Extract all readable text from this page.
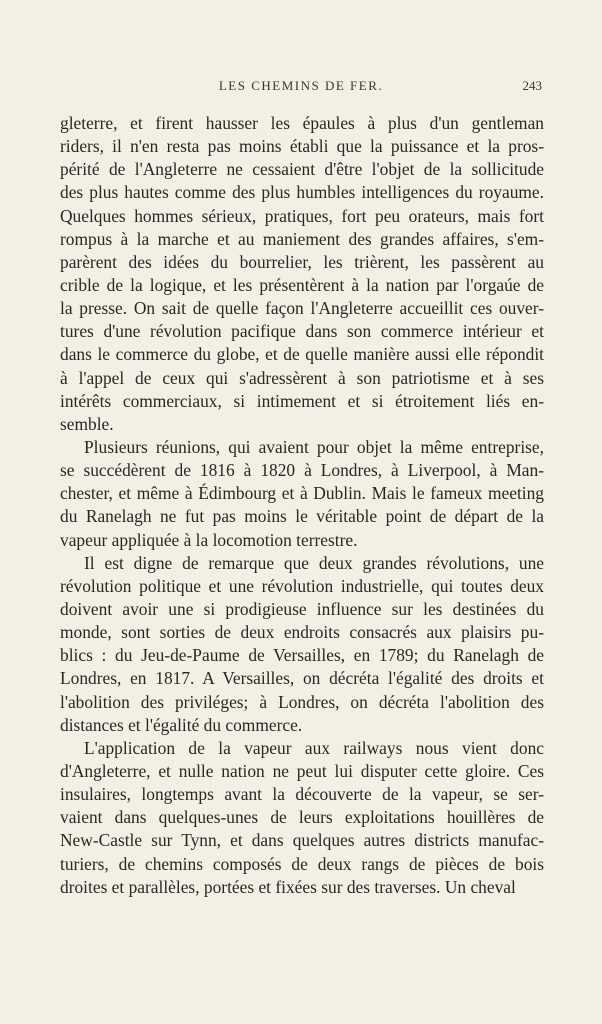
LES CHEMINS DE FER.	243
gleterre, et firent hausser les épaules à plus d'un gentleman
riders, il n'en resta pas moins établi que la puissance et la pros-
périté de l'Angleterre ne cessaient d'être l'objet de la sollicitude
des plus hautes comme des plus humbles intelligences du royaume.
Quelques hommes sérieux, pratiques, fort peu orateurs, mais fort
rompus à la marche et au maniement des grandes affaires, s'em-
parèrent des idées du bourrelier, les trièrent, les passèrent au
crible de la logique, et les présentèrent à la nation par l'orgaúe de
la presse. On sait de quelle façon l'Angleterre accueillit ces ouver-
tures d'une révolution pacifique dans son commerce intérieur et
dans le commerce du globe, et de quelle manière aussi elle répondit
à l'appel de ceux qui s'adressèrent à son patriotisme et à ses
intérêts commerciaux, si intimement et si étroitement liés en-
semble.
Plusieurs réunions, qui avaient pour objet la même entreprise,
se succédèrent de 1816 à 1820 à Londres, à Liverpool, à Man-
chester, et même à Édimbourg et à Dublin. Mais le fameux meeting
du Ranelagh ne fut pas moins le véritable point de départ de la
vapeur appliquée à la locomotion terrestre.
Il est digne de remarque que deux grandes révolutions, une
révolution politique et une révolution industrielle, qui toutes deux
doivent avoir une si prodigieuse influence sur les destinées du
monde, sont sorties de deux endroits consacrés aux plaisirs pu-
blics : du Jeu-de-Paume de Versailles, en 1789; du Ranelagh de
Londres, en 1817. A Versailles, on décréta l'égalité des droits et
l'abolition des priviléges; à Londres, on décréta l'abolition des
distances et l'égalité du commerce.
L'application de la vapeur aux railways nous vient donc
d'Angleterre, et nulle nation ne peut lui disputer cette gloire. Ces
insulaires, longtemps avant la découverte de la vapeur, se ser-
vaient dans quelques-unes de leurs exploitations houillères de
New-Castle sur Tynn, et dans quelques autres districts manufac-
turiers, de chemins composés de deux rangs de pièces de bois
droites et parallèles, portées et fixées sur des traverses. Un cheval
